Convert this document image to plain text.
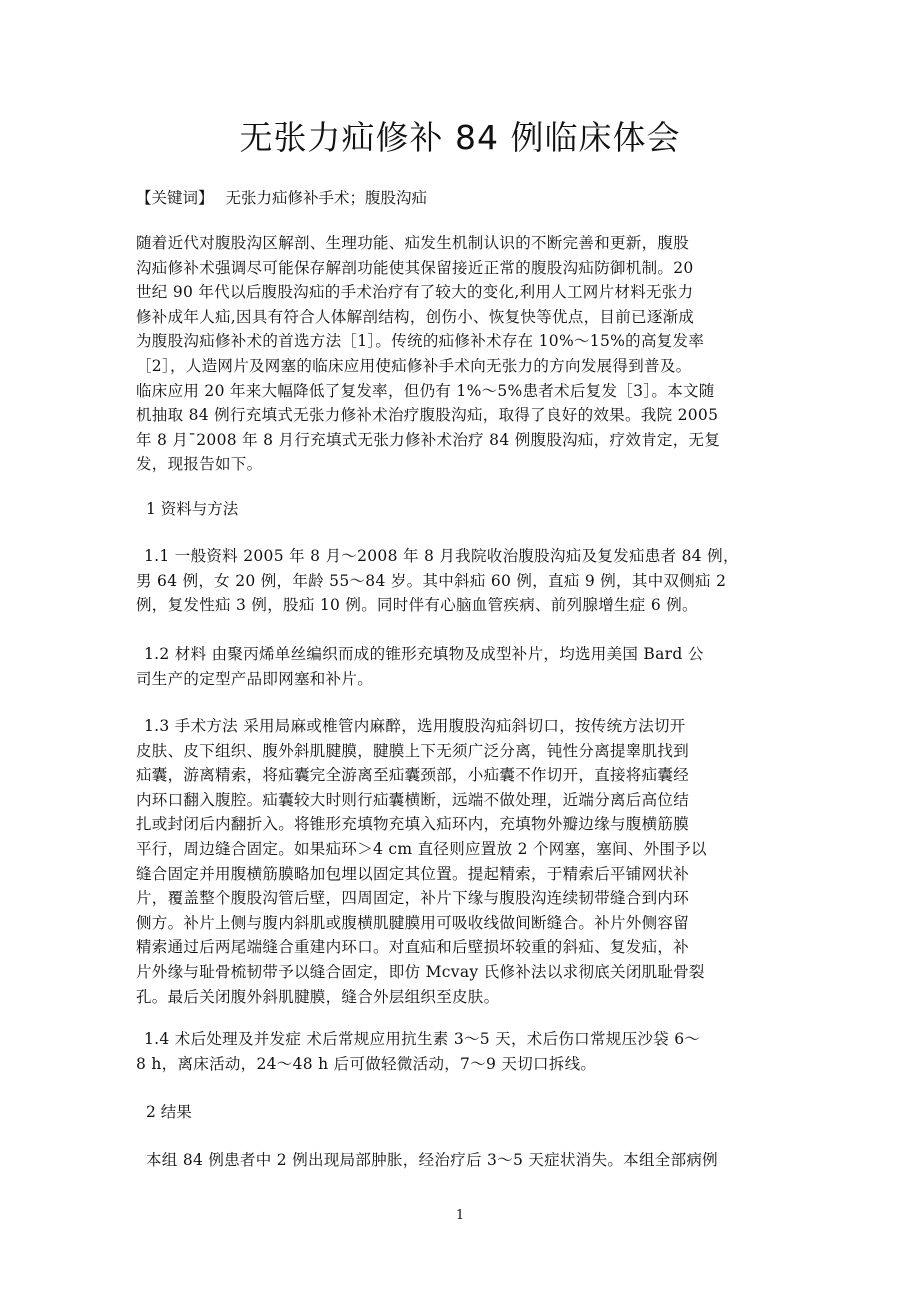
无张力疝修补 84 例临床体会
【关键词】 无张力疝修补手术；腹股沟疝
随着近代对腹股沟区解剖、生理功能、疝发生机制认识的不断完善和更新，腹股
沟疝修补术强调尽可能保存解剖功能使其保留接近正常的腹股沟疝防御机制。20
世纪 90 年代以后腹股沟疝的手术治疗有了较大的变化,利用人工网片材料无张力
修补成年人疝,因具有符合人体解剖结构，创伤小、恢复快等优点，目前已逐渐成
为腹股沟疝修补术的首选方法［1］。传统的疝修补术存在 10%～15%的高复发率
［2］，人造网片及网塞的临床应用使疝修补手术向无张力的方向发展得到普及。
临床应用 20 年来大幅降低了复发率，但仍有 1%～5%患者术后复发［3］。本文随
机抽取 84 例行充填式无张力修补术治疗腹股沟疝，取得了良好的效果。我院 2005
年 8 月¯2008 年 8 月行充填式无张力修补术治疗 84 例腹股沟疝，疗效肯定，无复
发，现报告如下。
1 资料与方法
1.1 一般资料 2005 年 8 月～2008 年 8 月我院收治腹股沟疝及复发疝患者 84 例，
男 64 例，女 20 例，年龄 55～84 岁。其中斜疝 60 例，直疝 9 例，其中双侧疝 2
例，复发性疝 3 例，股疝 10 例。同时伴有心脑血管疾病、前列腺增生症 6 例。
1.2 材料 由聚丙烯单丝编织而成的锥形充填物及成型补片，均选用美国 Bard 公
司生产的定型产品即网塞和补片。
1.3 手术方法 采用局麻或椎管内麻醉，选用腹股沟疝斜切口，按传统方法切开
皮肤、皮下组织、腹外斜肌腱膜，腱膜上下无须广泛分离，钝性分离提睾肌找到
疝囊，游离精索，将疝囊完全游离至疝囊颈部，小疝囊不作切开，直接将疝囊经
内环口翻入腹腔。疝囊较大时则行疝囊横断，远端不做处理，近端分离后高位结
扎或封闭后内翻折入。将锥形充填物充填入疝环内，充填物外瓣边缘与腹横筋膜
平行，周边缝合固定。如果疝环＞4 cm 直径则应置放 2 个网塞，塞间、外围予以
缝合固定并用腹横筋膜略加包埋以固定其位置。提起精索，于精索后平铺网状补
片，覆盖整个腹股沟管后壁，四周固定，补片下缘与腹股沟连续韧带缝合到内环
侧方。补片上侧与腹内斜肌或腹横肌腱膜用可吸收线做间断缝合。补片外侧容留
精索通过后两尾端缝合重建内环口。对直疝和后壁损坏较重的斜疝、复发疝，补
片外缘与耻骨梳韧带予以缝合固定，即仿 Mcvay 氏修补法以求彻底关闭肌耻骨裂
孔。最后关闭腹外斜肌腱膜，缝合外层组织至皮肤。
1.4 术后处理及并发症 术后常规应用抗生素 3～5 天，术后伤口常规压沙袋 6～
8 h，离床活动，24～48 h 后可做轻微活动，7～9 天切口拆线。
2 结果
本组 84 例患者中 2 例出现局部肿胀，经治疗后 3～5 天症状消失。本组全部病例
1
